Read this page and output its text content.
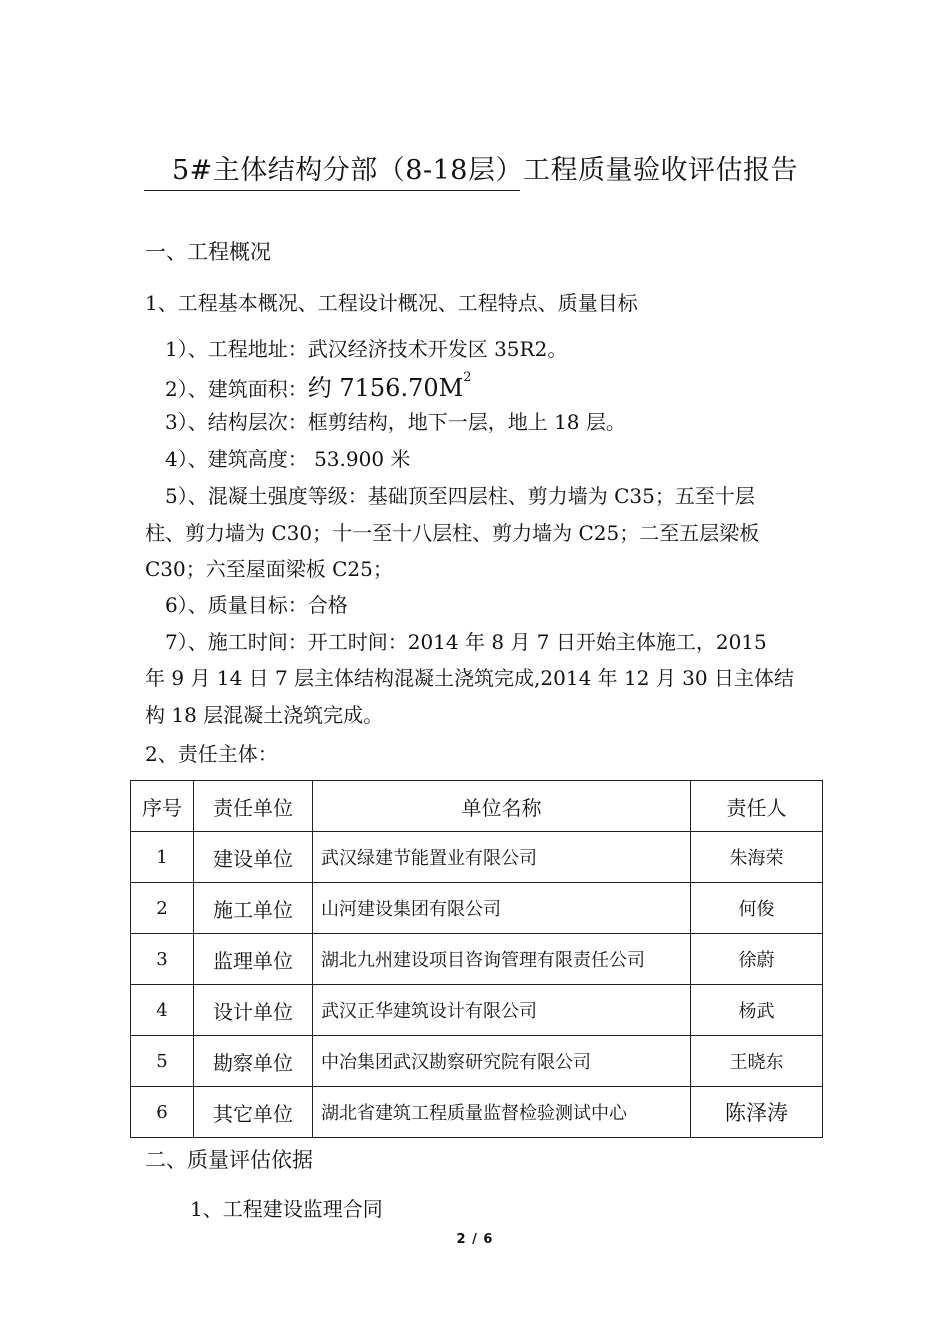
5#主体结构分部（8-18层）工程质量验收评估报告
一、工程概况
1、工程基本概况、工程设计概况、工程特点、质量目标
1）、工程地址：武汉经济技术开发区 35R2。
2）、建筑面积：约 $7156.70M^2$
3）、结构层次：框剪结构，地下一层，地上 18 层。
4）、建筑高度： 53.900 米
5）、混凝土强度等级：基础顶至四层柱、剪力墙为 C35；五至十层
柱、剪力墙为 C30；十一至十八层柱、剪力墙为 C25；二至五层梁板
C30；六至屋面梁板 C25；
6）、质量目标：合格
7）、施工时间：开工时间：2014 年 8 月 7 日开始主体施工，2015
年 9 月 14 日 7 层主体结构混凝土浇筑完成,2014 年 12 月 30 日主体结
构 18 层混凝土浇筑完成。
2、责任主体：
序号	责任单位	单位名称	责任人
1	建设单位	武汉绿建节能置业有限公司	朱海荣
2	施工单位	山河建设集团有限公司	何俊
3	监理单位	湖北九州建设项目咨询管理有限责任公司	徐蔚
4	设计单位	武汉正华建筑设计有限公司	杨武
5	勘察单位	中冶集团武汉勘察研究院有限公司	王晓东
6	其它单位	湖北省建筑工程质量监督检验测试中心	陈泽涛
二、质量评估依据
1、工程建设监理合同
2 / 6
